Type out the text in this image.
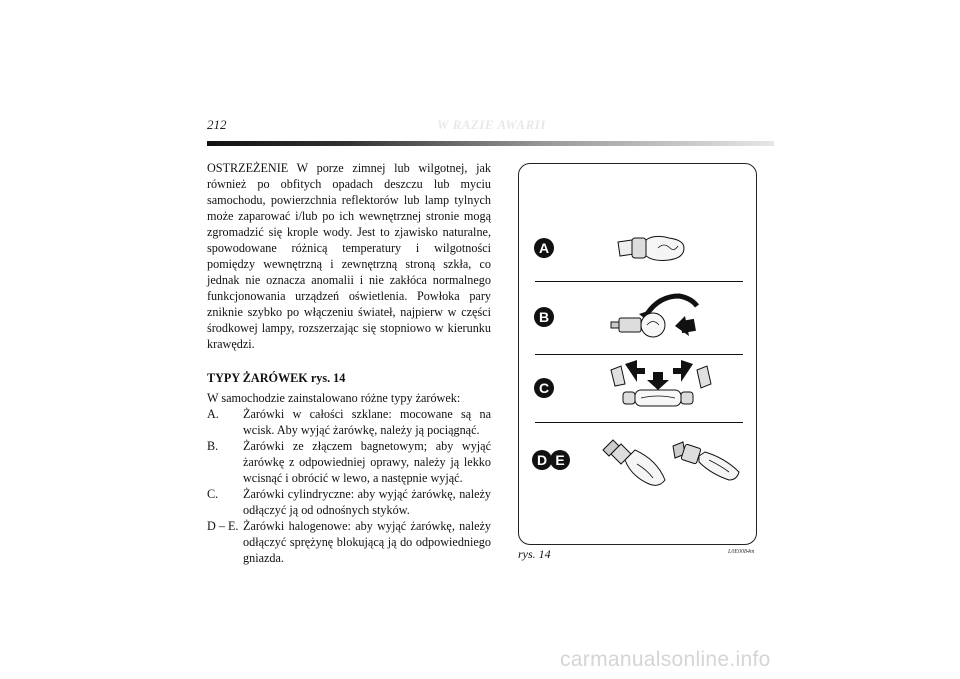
212	W RAZIE AWARII

OSTRZEŻENIE W porze zimnej lub wilgotnej, jak również po obfitych opadach deszczu lub myciu samochodu, powierzchnia reflektorów lub lamp tylnych może zaparować i/lub po ich wewnętrznej stronie mogą zgromadzić się krople wody. Jest to zjawisko naturalne, spowodowane różnicą temperatury i wilgotności pomiędzy wewnętrzną i zewnętrzną stroną szkła, co jednak nie oznacza anomalii i nie zakłóca normalnego funkcjonowania urządzeń oświetlenia. Powłoka pary zniknie szybko po włączeniu świateł, najpierw w części środkowej lampy, rozszerzając się stopniowo w kierunku krawędzi.

TYPY ŻARÓWEK rys. 14

W samochodzie zainstalowano różne typy żarówek:

A.	Żarówki w całości szklane: mocowane są na wcisk. Aby wyjąć żarówkę, należy ją pociągnąć.
B.	Żarówki ze złączem bagnetowym; aby wyjąć żarówkę z odpowiedniej oprawy, należy ją lekko wcisnąć i obrócić w lewo, a następnie wyjąć.
C.	Żarówki cylindryczne: aby wyjąć żarówkę, należy odłączyć ją od odnośnych styków.
D – E. Żarówki halogenowe: aby wyjąć żarówkę, należy odłączyć sprężynę blokującą ją do odpowiedniego gniazda.
A
B
C
D E
rys. 14	L0E0084m
carmanualsonline.info
